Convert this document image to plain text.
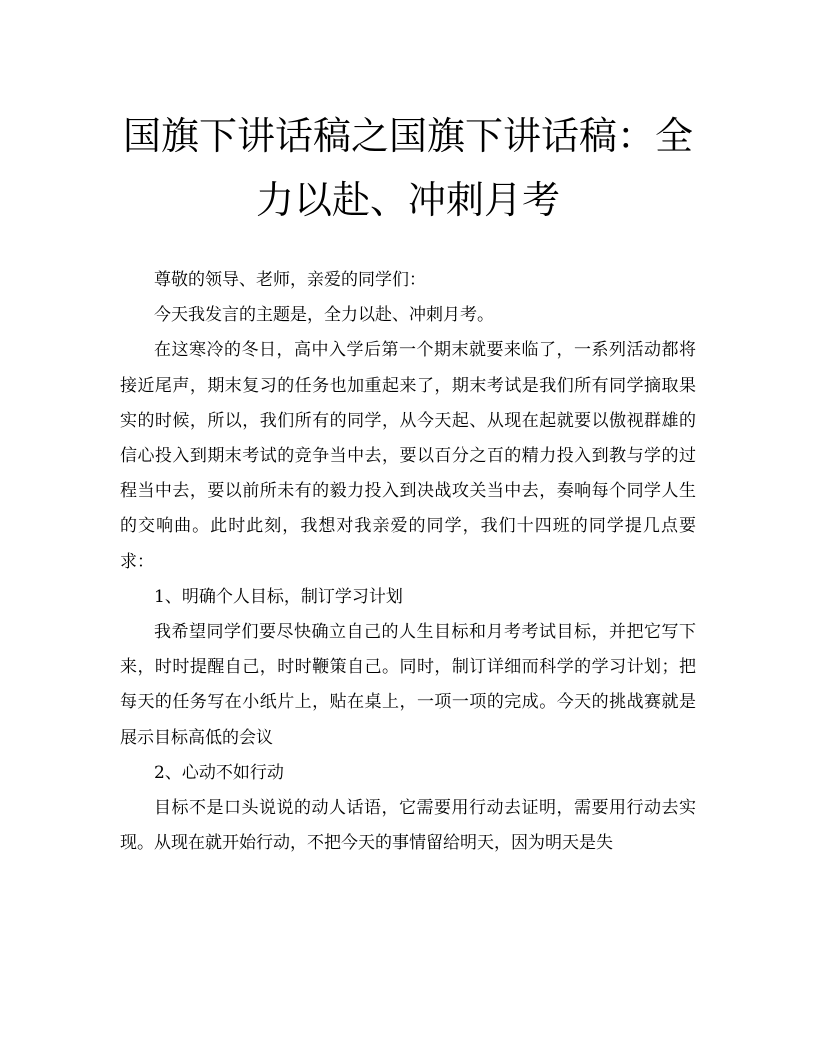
国旗下讲话稿之国旗下讲话稿：全力以赴、冲刺月考

尊敬的领导、老师，亲爱的同学们：

今天我发言的主题是，全力以赴、冲刺月考。

在这寒冷的冬日，高中入学后第一个期末就要来临了，一系列活动都将接近尾声，期末复习的任务也加重起来了，期末考试是我们所有同学摘取果实的时候，所以，我们所有的同学，从今天起、从现在起就要以傲视群雄的信心投入到期末考试的竞争当中去，要以百分之百的精力投入到教与学的过程当中去，要以前所未有的毅力投入到决战攻关当中去，奏响每个同学人生的交响曲。此时此刻，我想对我亲爱的同学，我们十四班的同学提几点要求：

1、明确个人目标，制订学习计划

我希望同学们要尽快确立自己的人生目标和月考考试目标，并把它写下来，时时提醒自己，时时鞭策自己。同时，制订详细而科学的学习计划；把每天的任务写在小纸片上，贴在桌上，一项一项的完成。今天的挑战赛就是展示目标高低的会议

2、心动不如行动

目标不是口头说说的动人话语，它需要用行动去证明，需要用行动去实现。从现在就开始行动，不把今天的事情留给明天，因为明天是失
